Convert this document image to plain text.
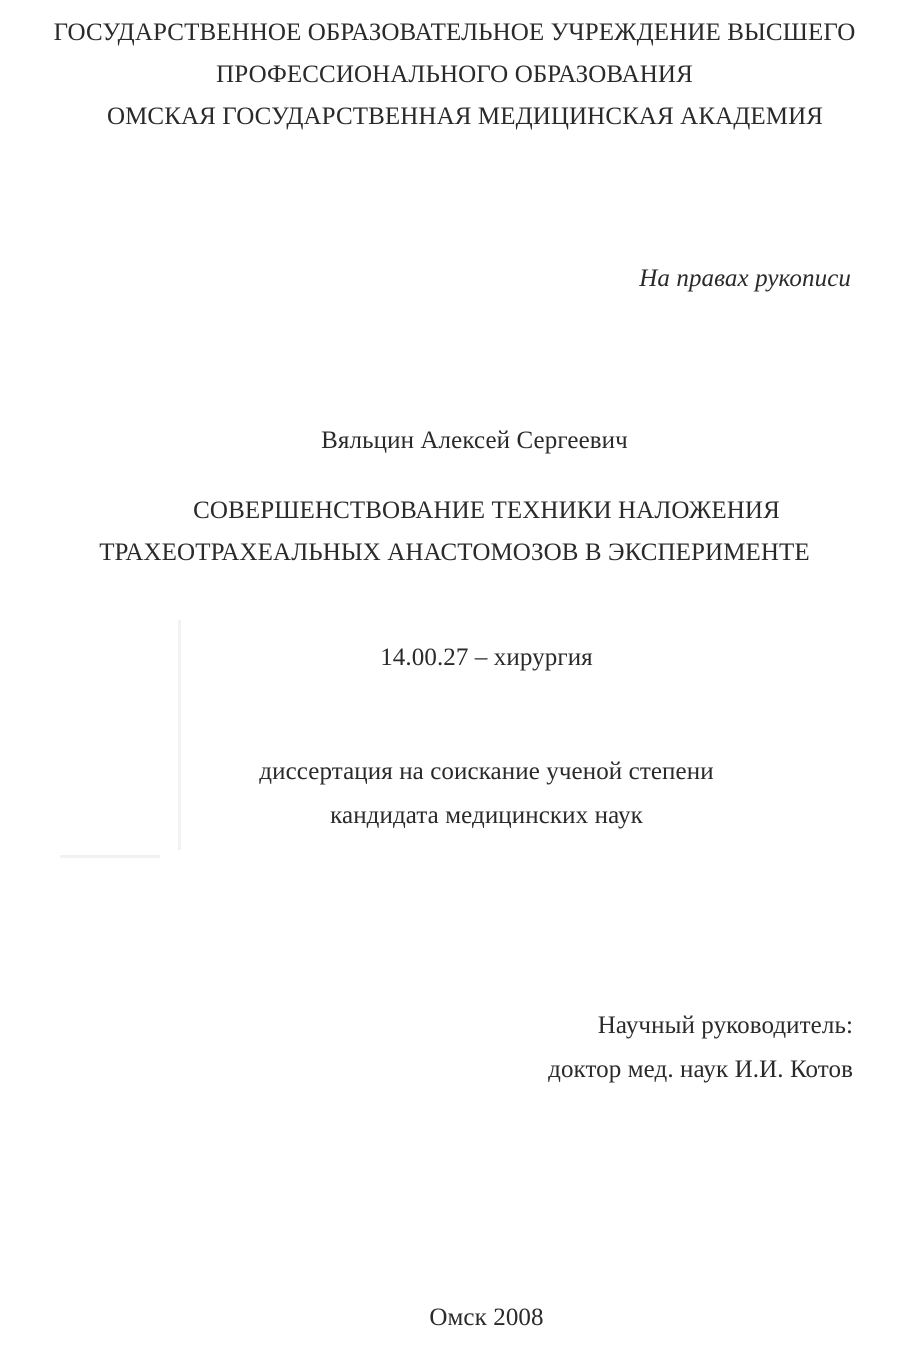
ГОСУДАРСТВЕННОЕ ОБРАЗОВАТЕЛЬНОЕ УЧРЕЖДЕНИЕ ВЫСШЕГО
ПРОФЕССИОНАЛЬНОГО ОБРАЗОВАНИЯ
ОМСКАЯ ГОСУДАРСТВЕННАЯ МЕДИЦИНСКАЯ АКАДЕМИЯ
На правах рукописи
Вяльцин Алексей Сергеевич
СОВЕРШЕНСТВОВАНИЕ ТЕХНИКИ НАЛОЖЕНИЯ
ТРАХЕОТРАХЕАЛЬНЫХ АНАСТОМОЗОВ В ЭКСПЕРИМЕНТЕ
14.00.27 – хирургия
диссертация на соискание ученой степени
кандидата медицинских наук
Научный руководитель:
доктор мед. наук И.И. Котов
Омск 2008
